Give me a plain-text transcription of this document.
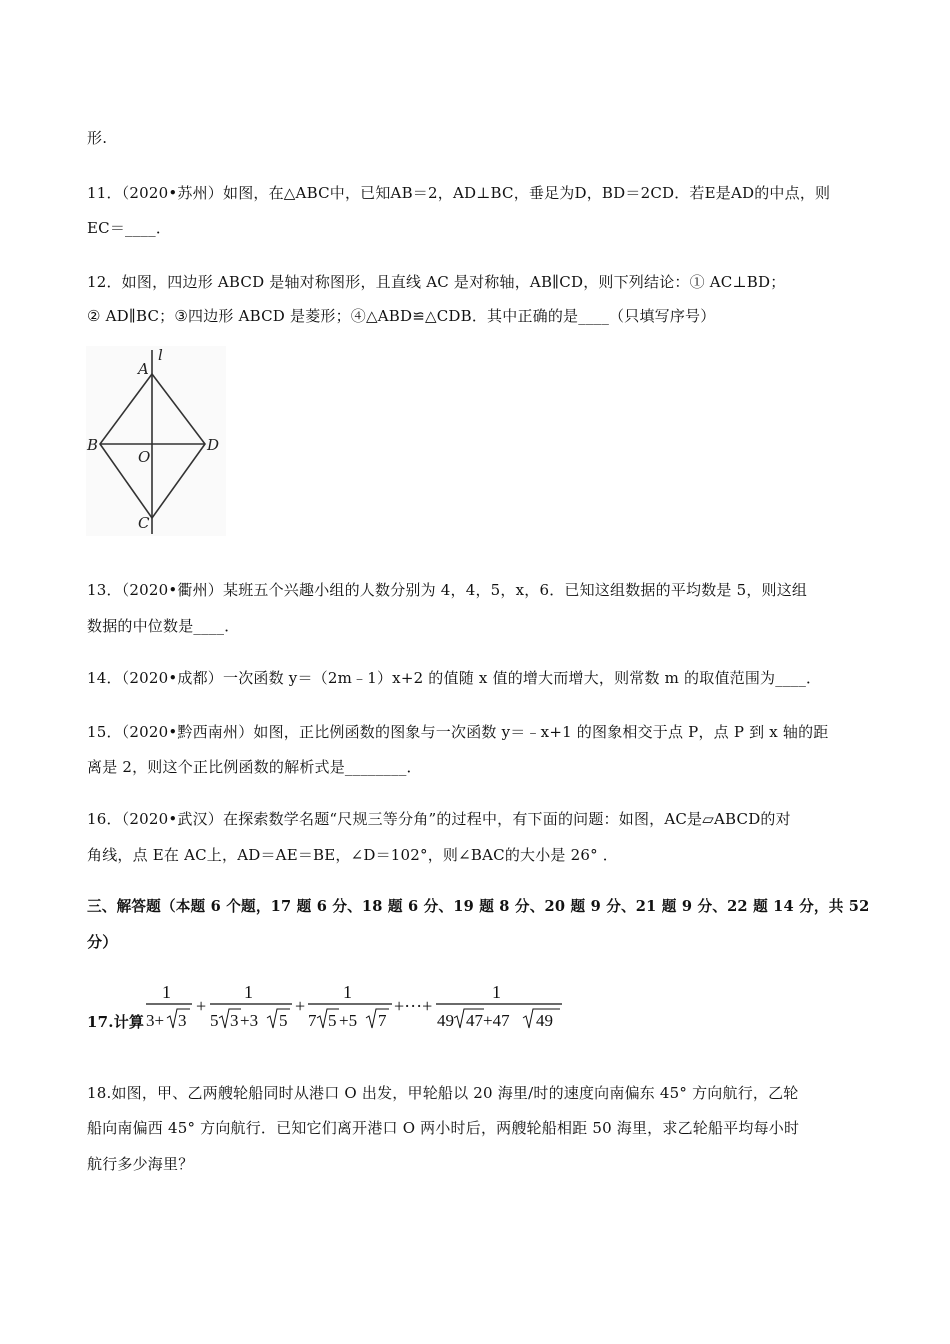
形.
11．（2020•苏州）如图，在△ABC中，已知AB＝2，AD⊥BC，垂足为D，BD＝2CD．若E是AD的中点，则
EC＝____．
12．如图，四边形 ABCD 是轴对称图形，且直线 AC 是对称轴，AB∥CD，则下列结论：① AC⊥BD；
② AD∥BC；③四边形 ABCD 是菱形；④△ABD≌△CDB．其中正确的是____（只填写序号）
l
A
B	D
O
C
13．（2020•衢州）某班五个兴趣小组的人数分别为 4，4，5，x，6．已知这组数据的平均数是 5，则这组
数据的中位数是____．
14．（2020•成都）一次函数 y＝（2m﹣1）x+2 的值随 x 值的增大而增大，则常数 m 的取值范围为____．
15．（2020•黔西南州）如图，正比例函数的图象与一次函数 y＝﹣x+1 的图象相交于点 P，点 P 到 x 轴的距
离是 2，则这个正比例函数的解析式是________．
16．（2020•武汉）在探索数学名题“尺规三等分角”的过程中，有下面的问题：如图，AC是▱ABCD的对
角线，点 E在 AC上，AD＝AE＝BE，∠D＝102°，则∠BAC的大小是 26° ．
三、解答题（本题 6 个题，17 题 6 分、18 题 6 分、19 题 8 分、20 题 9 分、21 题 9 分、22 题 14 分，共 52
分）
17.计算
1
3+ 3
+
1
5 3 +3 5
+
1
7 5 +5 7
+···+
1
49 47 +47 49
18.如图，甲、乙两艘轮船同时从港口 O 出发，甲轮船以 20 海里/时的速度向南偏东 45° 方向航行，乙轮
船向南偏西 45° 方向航行．已知它们离开港口 O 两小时后，两艘轮船相距 50 海里，求乙轮船平均每小时
航行多少海里？
